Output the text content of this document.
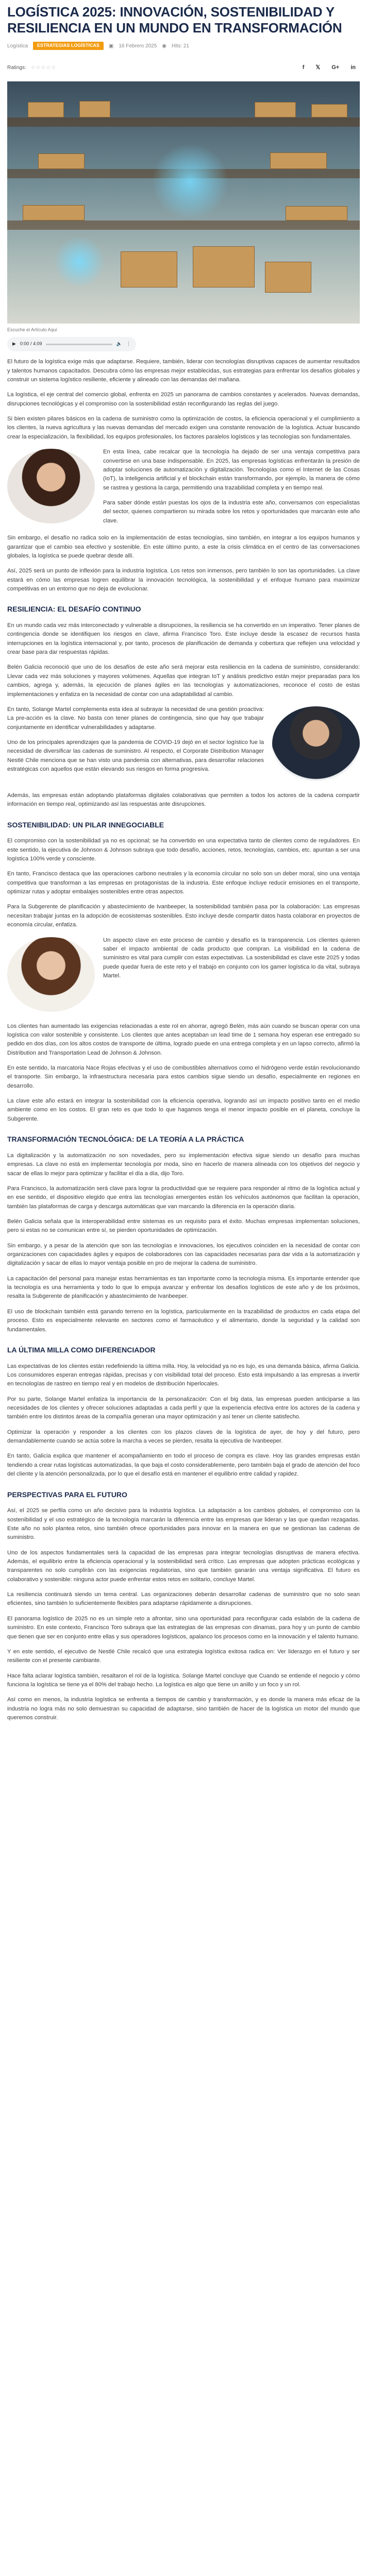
LOGÍSTICA 2025: INNOVACIÓN, SOSTENIBILIDAD Y RESILIENCIA EN UN MUNDO EN TRANSFORMACIÓN
Logística	ESTRATEGIAS LOGÍSTICAS	▣ 16 Febrero 2025 ◉ Hits: 21
Ratings: ☆☆☆☆☆	f 𝕏 G+ in
Escuche el Artículo Aquí
▶ 0:00 / 4:09	🔈 ⋮

El futuro de la logística exige más que adaptarse. Requiere, también, liderar con tecnologías disruptivas capaces de aumentar resultados y talentos humanos capacitados. Descubra cómo las empresas mejor establecidas, sus estrategias para enfrentar los desafíos globales y construir un sistema logístico resiliente, eficiente y alineado con las demandas del mañana.

La logística, el eje central del comercio global, enfrenta en 2025 un panorama de cambios constantes y acelerados. Nuevas demandas, disrupciones tecnológicas y el compromiso con la sostenibilidad están reconfigurando las reglas del juego.

Si bien existen pilares básicos en la cadena de suministro como la optimización de costos, la eficiencia operacional y el cumplimiento a los clientes, la nueva agricultura y las nuevas demandas del mercado exigen una constante renovación de la logística. Actuar buscando crear la especialización, la flexibilidad, los equipos profesionales, los factores paralelos logísticos y las tecnologías son fundamentales.

En esta línea, cabe recalcar que la tecnología ha dejado de ser una ventaja competitiva para convertirse en una base indispensable. En 2025, las empresas logísticas enfrentarán la presión de adoptar soluciones de automatización y digitalización. Tecnologías como el Internet de las Cosas (IoT), la inteligencia artificial y el blockchain están transformando, por ejemplo, la manera de cómo se rastrea y gestiona la carga, permitiendo una trazabilidad completa y en tiempo real.

Para saber dónde están puestas los ojos de la industria este año, conversamos con especialistas del sector, quienes compartieron su mirada sobre los retos y oportunidades que marcarán este año clave.

Sin embargo, el desafío no radica solo en la implementación de estas tecnologías, sino también, en integrar a los equipos humanos y garantizar que el cambio sea efectivo y sostenible. En este último punto, a este la crisis climática en el centro de las conversaciones globales, la logística se puede quebrar desde allí.

Así, 2025 será un punto de inflexión para la industria logística. Los retos son inmensos, pero también lo son las oportunidades. La clave estará en cómo las empresas logren equilibrar la innovación tecnológica, la sostenibilidad y el enfoque humano para maximizar competitivas en un entorno que no deja de evolucionar.

RESILIENCIA: EL DESAFÍO CONTINUO

En un mundo cada vez más interconectado y vulnerable a disrupciones, la resiliencia se ha convertido en un imperativo. Tener planes de contingencia donde se identifiquen los riesgos en clave, afirma Francisco Toro. Este incluye desde la escasez de recursos hasta interrupciones en la logística internacional y, por tanto, procesos de planificación de demanda y cobertura que reflejen una velocidad y crear base para dar respuestas rápidas.

Belén Galicia reconoció que uno de los desafíos de este año será mejorar esta resiliencia en la cadena de suministro, considerando: Llevar cada vez más soluciones y mayores volúmenes. Aquellas que integran IoT y análisis predictivo están mejor preparadas para los cambios, agrega y, además, la ejecución de planes ágiles en las tecnologías y automatizaciones, reconoce el costo de estas implementaciones y enfatiza en la necesidad de contar con una adaptabilidad al cambio.

En tanto, Solange Martel complementa esta idea al subrayar la necesidad de una gestión proactiva: La pre-acción es la clave. No basta con tener planes de contingencia, sino que hay que trabajar conjuntamente en identificar vulnerabilidades y adaptarse.

Uno de los principales aprendizajes que la pandemia de COVID-19 dejó en el sector logístico fue la necesidad de diversificar las cadenas de suministro. Al respecto, el Corporate Distribution Manager Nestlé Chile menciona que se han visto una pandemia con alternativas, para desarrollar relaciones estratégicas con aquellos que están elevando sus riesgos en forma progresiva.

Además, las empresas están adoptando plataformas digitales colaborativas que permiten a todos los actores de la cadena compartir información en tiempo real, optimizando así las respuestas ante disrupciones.

SOSTENIBILIDAD: UN PILAR INNEGOCIABLE

El compromiso con la sostenibilidad ya no es opcional; se ha convertido en una expectativa tanto de clientes como de reguladores. En este sentido, la ejecutiva de Johnson & Johnson subraya que todo desafío, acciones, retos, tecnologías, cambios, etc. apuntan a ser una logística 100% verde y consciente.

En tanto, Francisco destaca que las operaciones carbono neutrales y la economía circular no solo son un deber moral, sino una ventaja competitiva que transforman a las empresas en protagonistas de la industria. Este enfoque incluye reducir emisiones en el transporte, optimizar rutas y adoptar embalajes sostenibles entre otras aspectos.

Para la Subgerente de planificación y abastecimiento de Ivanbeeper, la sostenibilidad también pasa por la colaboración: Las empresas necesitan trabajar juntas en la adopción de ecosistemas sostenibles. Esto incluye desde compartir datos hasta colaborar en proyectos de economía circular, enfatiza.

Un aspecto clave en este proceso de cambio y desafío es la transparencia. Los clientes quieren saber el impacto ambiental de cada producto que compran. La visibilidad en la cadena de suministro es vital para cumplir con estas expectativas. La sostenibilidad es clave este 2025 y todas puede quedar fuera de este reto y el trabajo en conjunto con los gamer logística lo da vital, subraya Martel.

Los clientes han aumentado las exigencias relacionadas a este rol en ahorrar, agregó Belén, más aún cuando se buscan operar con una logística con valor sostenible y consistente. Los clientes que antes aceptaban un lead time de 1 semana hoy esperan ese entregado su pedido en dos días, con los altos costos de transporte de última, logrado puede en una entrega completa y en un lapso correcto, afirmó la Distribution and Transportation Lead de Johnson & Johnson.

En este sentido, la marcatoria Nace Rojas efectivas y el uso de combustibles alternativos como el hidrógeno verde están revolucionando el transporte. Sin embargo, la infraestructura necesaria para estos cambios sigue siendo un desafío, especialmente en regiones en desarrollo.

La clave este año estará en integrar la sostenibilidad con la eficiencia operativa, logrando así un impacto positivo tanto en el medio ambiente como en los costos. El gran reto es que todo lo que hagamos tenga el menor impacto posible en el planeta, concluye la Subgerente.

TRANSFORMACIÓN TECNOLÓGICA: DE LA TEORÍA A LA PRÁCTICA

La digitalización y la automatización no son novedades, pero su implementación efectiva sigue siendo un desafío para muchas empresas. La clave no está en implementar tecnología por moda, sino en hacerlo de manera alineada con los objetivos del negocio y sacar de ellas lo mejor para optimizar y facilitar el día a día, dijo Toro.

Para Francisco, la automatización será clave para lograr la productividad que se requiere para responder al ritmo de la logística actual y en ese sentido, el dispositivo elegido que entra las tecnologías emergentes están los vehículos autónomos que facilitan la operación, también las plataformas de carga y descarga automáticas que van marcando la diferencia en la operación diaria.

Belén Galicia señala que la interoperabilidad entre sistemas es un requisito para el éxito. Muchas empresas implementan soluciones, pero si estas no se comunican entre sí, se pierden oportunidades de optimización.

Sin embargo, y a pesar de la atención que son las tecnologías e innovaciones, los ejecutivos coinciden en la necesidad de contar con organizaciones con capacidades ágiles y equipos de colaboradores con las capacidades necesarias para dar vida a la automatización y digitalización y sacar de ellas lo mayor ventaja posible en pro de mejorar la cadena de suministro.

La capacitación del personal para manejar estas herramientas es tan importante como la tecnología misma. Es importante entender que la tecnología es una herramienta y todo lo que lo empuja avanzar y enfrentar los desafíos logísticos de este año y de los próximos, resalta la Subgerente de planificación y abastecimiento de Ivanbeeper.

El uso de blockchain también está ganando terreno en la logística, particularmente en la trazabilidad de productos en cada etapa del proceso. Esto es especialmente relevante en sectores como el farmacéutico y el alimentario, donde la seguridad y la calidad son fundamentales.

LA ÚLTIMA MILLA COMO DIFERENCIADOR

Las expectativas de los clientes están redefiniendo la última milla. Hoy, la velocidad ya no es lujo, es una demanda básica, afirma Galicia. Los consumidores esperan entregas rápidas, precisas y con visibilidad total del proceso. Esto está impulsando a las empresas a invertir en tecnologías de rastreo en tiempo real y en modelos de distribución hiperlocales.

Por su parte, Solange Martel enfatiza la importancia de la personalización: Con el big data, las empresas pueden anticiparse a las necesidades de los clientes y ofrecer soluciones adaptadas a cada perfil y que la experiencia efectiva entre los actores de la cadena y también entre los distintos áreas de la compañía generan una mayor optimización y así tener un cliente satisfecho.

Optimizar la operación y responder a los clientes con los plazos claves de la logística de ayer, de hoy y del futuro, pero demandablemente cuando se actúa sobre la marcha a veces se pierden, resalta la ejecutiva de Ivanbeeper.

En tanto, Galicia explica que mantener el acompañamiento en todo el proceso de compra es clave. Hoy las grandes empresas están tendiendo a crear rutas logísticas automatizadas, la que baja el costo considerablemente, pero también baja el grado de atención del foco del cliente y la atención personalizada, por lo que el desafío está en mantener el equilibrio entre calidad y rapidez.

PERSPECTIVAS PARA EL FUTURO

Así, el 2025 se perfila como un año decisivo para la industria logística. La adaptación a los cambios globales, el compromiso con la sostenibilidad y el uso estratégico de la tecnología marcarán la diferencia entre las empresas que lideran y las que quedan rezagadas. Este año no solo plantea retos, sino también ofrece oportunidades para innovar en la manera en que se gestionan las cadenas de suministro.

Uno de los aspectos fundamentales será la capacidad de las empresas para integrar tecnologías disruptivas de manera efectiva. Además, el equilibrio entre la eficiencia operacional y la sostenibilidad será crítico. Las empresas que adopten prácticas ecológicas y transparentes no solo cumplirán con las exigencias regulatorias, sino que también ganarán una ventaja significativa. El futuro es colaborativo y sostenible: ninguna actor puede enfrentar estos retos en solitario, concluye Martel.

La resiliencia continuará siendo un tema central. Las organizaciones deberán desarrollar cadenas de suministro que no solo sean eficientes, sino también lo suficientemente flexibles para adaptarse rápidamente a disrupciones.

El panorama logístico de 2025 no es un simple reto a afrontar, sino una oportunidad para reconfigurar cada eslabón de la cadena de suministro. En este contexto, Francisco Toro subraya que las estrategias de las empresas con dinamas, para hoy y un punto de cambio que tienen que ser en conjunto entre ellas y sus operadores logísticos, apalanco los procesos como en la innovación y el talento humano.

Y en este sentido, el ejecutivo de Nestlé Chile recalcó que una estrategia logística exitosa radica en: Ver liderazgo en el futuro y ser resiliente con el presente cambiante.

Hace falta aclarar logística también, resaltaron el rol de la logística. Solange Martel concluye que Cuando se entiende el negocio y cómo funciona la logística se tiene ya el 80% del trabajo hecho. La logística es algo que tiene un anillo y un foco y un rol.

Así como en menos, la industria logística se enfrenta a tiempos de cambio y transformación, y es donde la manera más eficaz de la industria no logra más no solo demuestran su capacidad de adaptarse, sino también de hacer de la logística un motor del mundo que queremos construir.
